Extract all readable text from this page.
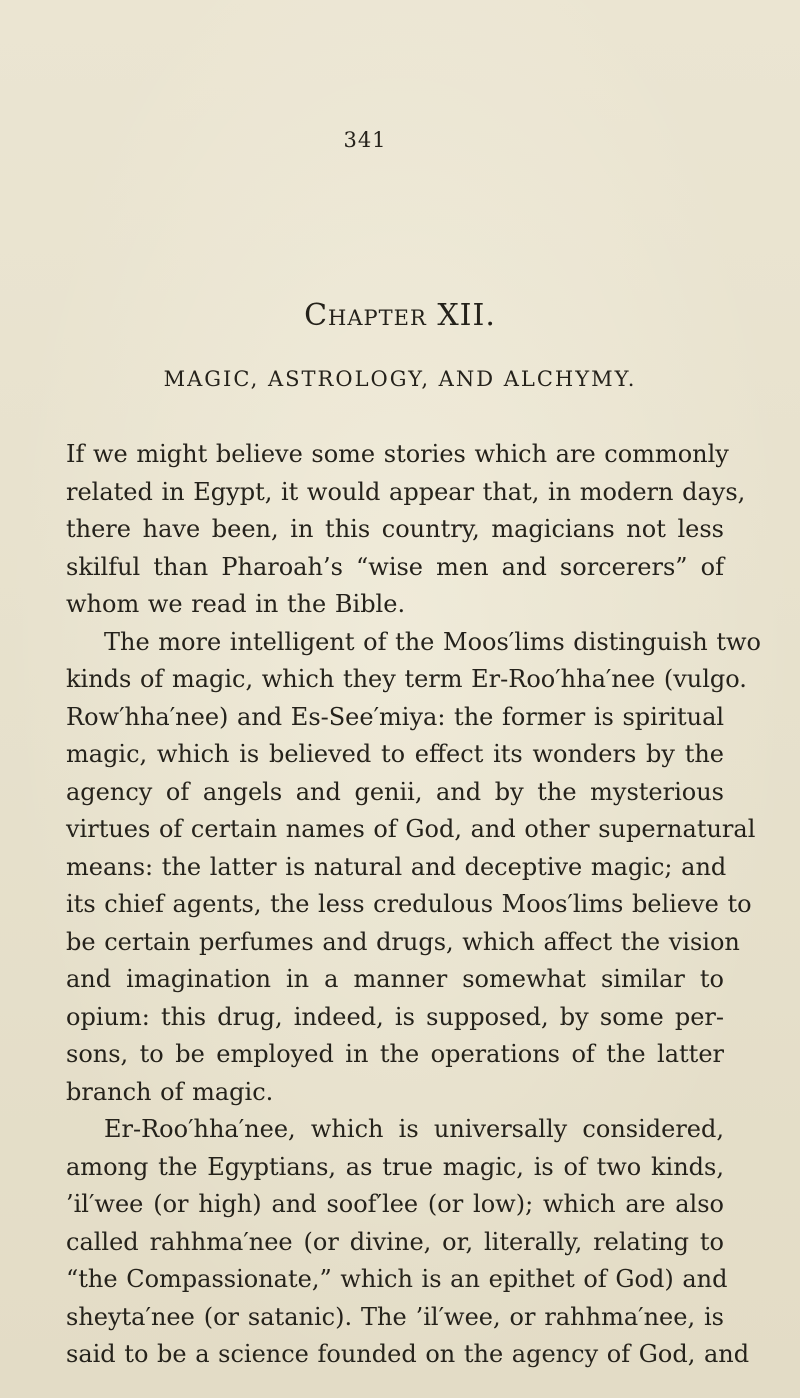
341
Chapter XII.
MAGIC, ASTROLOGY, AND ALCHYMY.

If we might believe some stories which are commonly
related in Egypt, it would appear that, in modern days,
there have been, in this country, magicians not less
skilful than Pharoah’s “wise men and sorcerers” of
whom we read in the Bible.

The more intelligent of the Moos′lims distinguish two
kinds of magic, which they term Er-Roo′hha′nee (vulgo.
Row′hha′nee) and Es-See′miya: the former is spiritual
magic, which is believed to effect its wonders by the
agency of angels and genii, and by the mysterious
virtues of certain names of God, and other supernatural
means: the latter is natural and deceptive magic; and
its chief agents, the less credulous Moos′lims believe to
be certain perfumes and drugs, which affect the vision
and imagination in a manner somewhat similar to
opium: this drug, indeed, is supposed, by some per-
sons, to be employed in the operations of the latter
branch of magic.

Er-Roo′hha′nee, which is universally considered,
among the Egyptians, as true magic, is of two kinds,
’il′wee (or high) and soof′lee (or low); which are also
called rahhma′nee (or divine, or, literally, relating to
“the Compassionate,” which is an epithet of God) and
sheyta′nee (or satanic). The ’il′wee, or rahhma′nee, is
said to be a science founded on the agency of God, and
